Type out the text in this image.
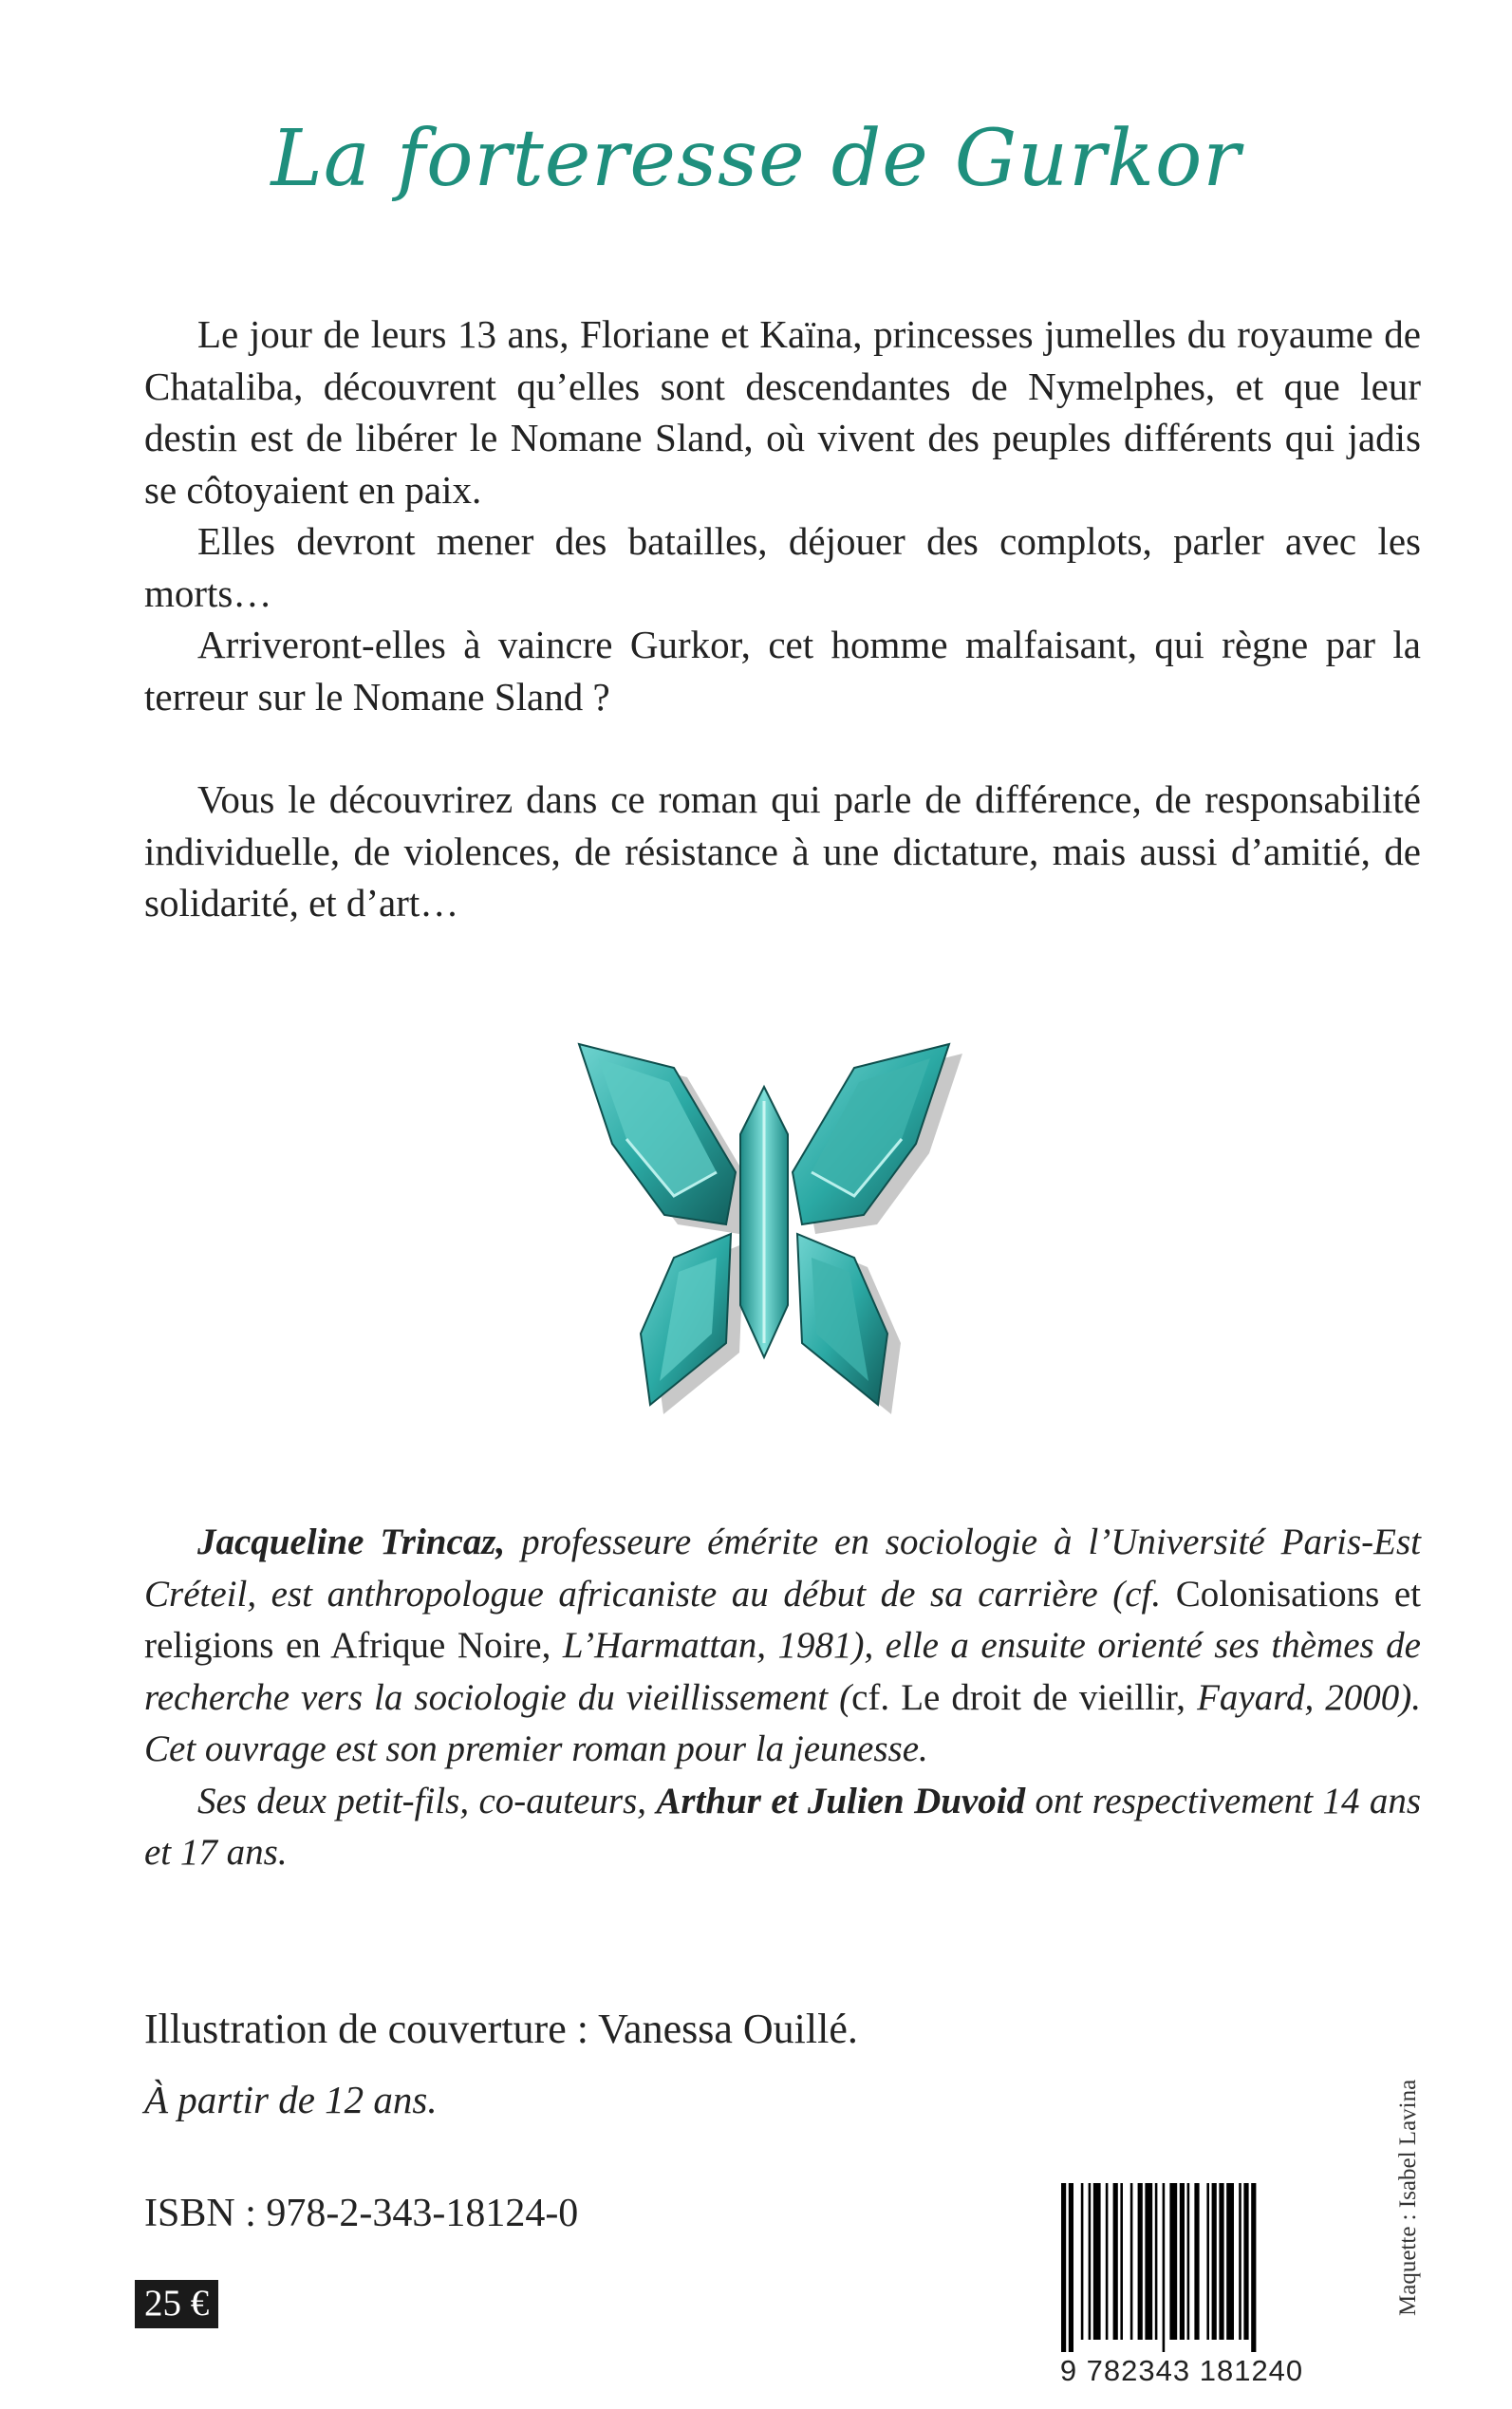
La forteresse de Gurkor

Le jour de leurs 13 ans, Floriane et Kaïna, princesses jumelles du royaume de Chataliba, découvrent qu’elles sont descendantes de Nymelphes, et que leur destin est de libérer le Nomane Sland, où vivent des peuples différents qui jadis se côtoyaient en paix.

Elles devront mener des batailles, déjouer des complots, parler avec les morts…

Arriveront-elles à vaincre Gurkor, cet homme malfaisant, qui règne par la terreur sur le Nomane Sland ?

Vous le découvrirez dans ce roman qui parle de différence, de responsabilité individuelle, de violences, de résistance à une dictature, mais aussi d’amitié, de solidarité, et d’art…

Jacqueline Trincaz, professeure émérite en sociologie à l’Université Paris-Est Créteil, est anthropologue africaniste au début de sa carrière (cf. Colonisations et religions en Afrique Noire, L’Harmattan, 1981), elle a ensuite orienté ses thèmes de recherche vers la sociologie du vieillissement (cf. Le droit de vieillir, Fayard, 2000). Cet ouvrage est son premier roman pour la jeunesse.

Ses deux petit-fils, co-auteurs, Arthur et Julien Duvoid ont respectivement 14 ans et 17 ans.

Illustration de couverture : Vanessa Ouillé.
À partir de 12 ans.
ISBN : 978-2-343-18124-0
25 €
9 782343 181240
Maquette : Isabel Lavina
